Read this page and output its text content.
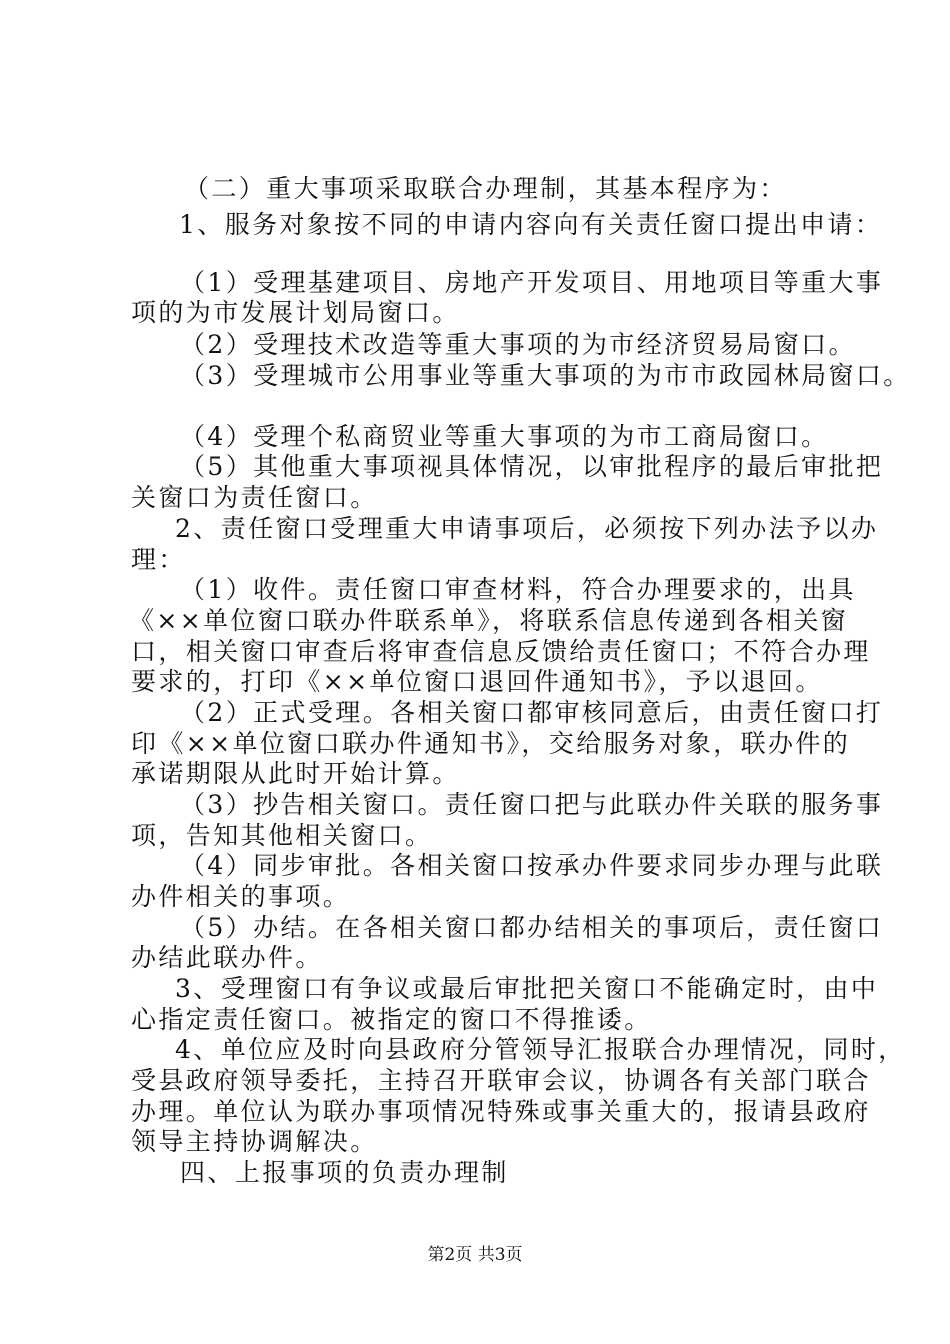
（二）重大事项采取联合办理制，其基本程序为：
1、服务对象按不同的申请内容向有关责任窗口提出申请：
（1）受理基建项目、房地产开发项目、用地项目等重大事
项的为市发展计划局窗口。
（2）受理技术改造等重大事项的为市经济贸易局窗口。
（3）受理城市公用事业等重大事项的为市市政园林局窗口。
（4）受理个私商贸业等重大事项的为市工商局窗口。
（5）其他重大事项视具体情况，以审批程序的最后审批把
关窗口为责任窗口。
2、责任窗口受理重大申请事项后，必须按下列办法予以办
理：
（1）收件。责任窗口审查材料，符合办理要求的，出具
《××单位窗口联办件联系单》，将联系信息传递到各相关窗
口，相关窗口审查后将审查信息反馈给责任窗口；不符合办理
要求的，打印《××单位窗口退回件通知书》，予以退回。
（2）正式受理。各相关窗口都审核同意后，由责任窗口打
印《××单位窗口联办件通知书》，交给服务对象，联办件的
承诺期限从此时开始计算。
（3）抄告相关窗口。责任窗口把与此联办件关联的服务事
项，告知其他相关窗口。
（4）同步审批。各相关窗口按承办件要求同步办理与此联
办件相关的事项。
（5）办结。在各相关窗口都办结相关的事项后，责任窗口
办结此联办件。
3、受理窗口有争议或最后审批把关窗口不能确定时，由中
心指定责任窗口。被指定的窗口不得推诿。
4、单位应及时向县政府分管领导汇报联合办理情况，同时，
受县政府领导委托，主持召开联审会议，协调各有关部门联合
办理。单位认为联办事项情况特殊或事关重大的，报请县政府
领导主持协调解决。
四、上报事项的负责办理制
第2页 共3页
